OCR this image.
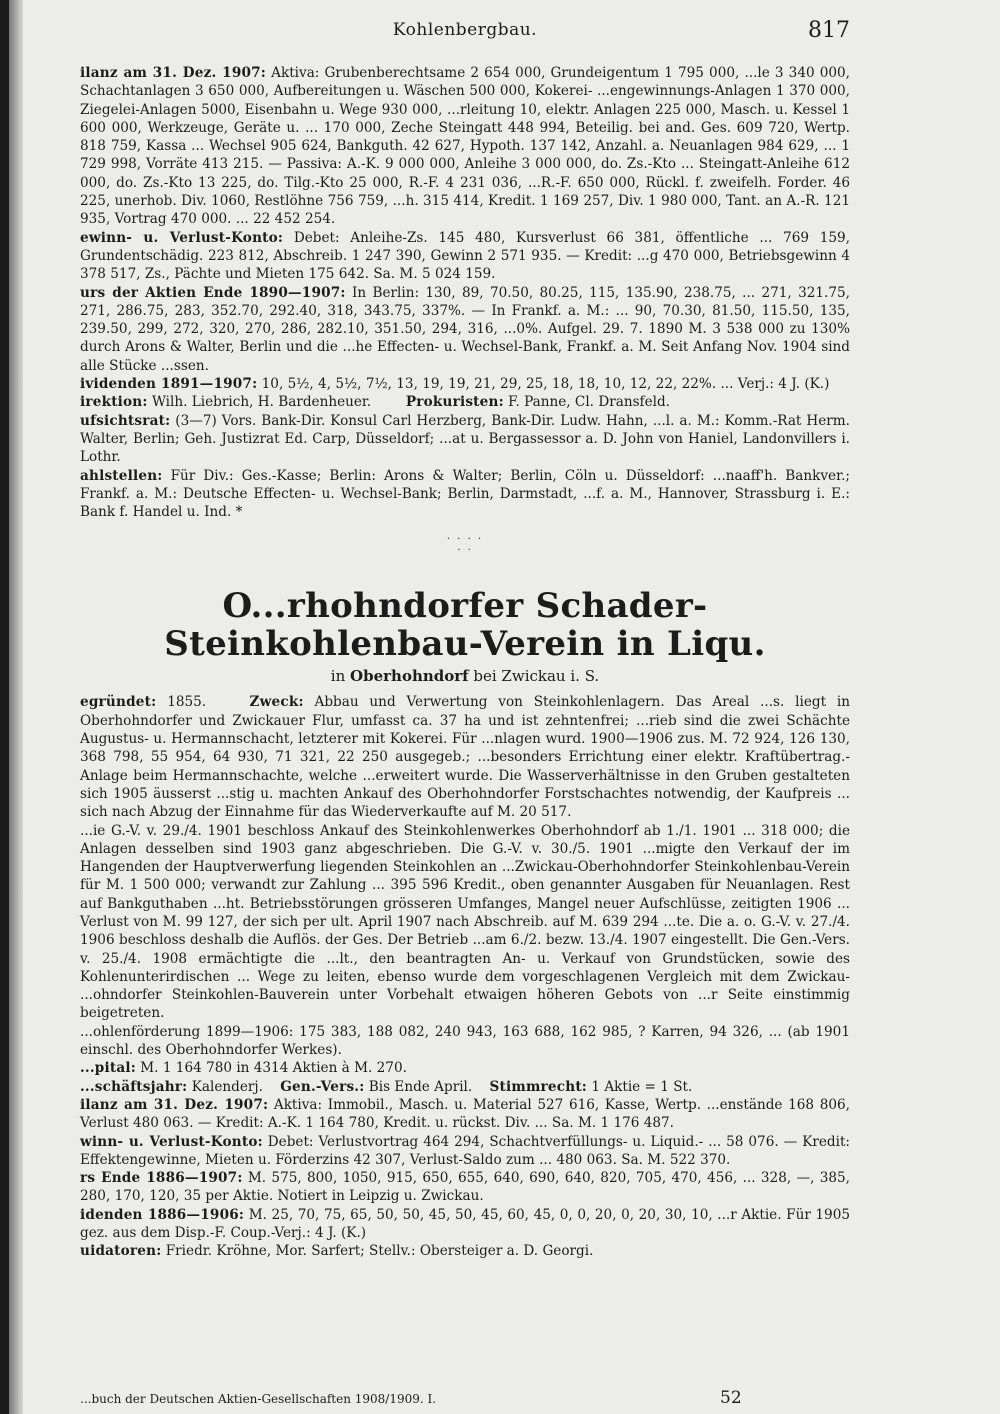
Kohlenbergbau.	817

ilanz am 31. Dez. 1907: Aktiva: Grubenberechtsame 2 654 000, Grundeigentum 1 795 000, ...le 3 340 000, Schachtanlagen 3 650 000, Aufbereitungen u. Wäschen 500 000, Kokerei- ...engewinnungs-Anlagen 1 370 000, Ziegelei-Anlagen 5000, Eisenbahn u. Wege 930 000, ...rleitung 10, elektr. Anlagen 225 000, Masch. u. Kessel 1 600 000, Werkzeuge, Geräte u. ... 170 000, Zeche Steingatt 448 994, Beteilig. bei and. Ges. 609 720, Wertp. 818 759, Kassa ... Wechsel 905 624, Bankguth. 42 627, Hypoth. 137 142, Anzahl. a. Neuanlagen 984 629, ... 1 729 998, Vorräte 413 215. — Passiva: A.-K. 9 000 000, Anleihe 3 000 000, do. Zs.-Kto ... Steingatt-Anleihe 612 000, do. Zs.-Kto 13 225, do. Tilg.-Kto 25 000, R.-F. 4 231 036, ...R.-F. 650 000, Rückl. f. zweifelh. Forder. 46 225, unerhob. Div. 1060, Restlöhne 756 759, ...h. 315 414, Kredit. 1 169 257, Div. 1 980 000, Tant. an A.-R. 121 935, Vortrag 470 000. ... 22 452 254.

ewinn- u. Verlust-Konto: Debet: Anleihe-Zs. 145 480, Kursverlust 66 381, öffentliche ... 769 159, Grundentschädig. 223 812, Abschreib. 1 247 390, Gewinn 2 571 935. — Kredit: ...g 470 000, Betriebsgewinn 4 378 517, Zs., Pächte und Mieten 175 642. Sa. M. 5 024 159.

urs der Aktien Ende 1890—1907: In Berlin: 130, 89, 70.50, 80.25, 115, 135.90, 238.75, ... 271, 321.75, 271, 286.75, 283, 352.70, 292.40, 318, 343.75, 337%. — In Frankf. a. M.: ... 90, 70.30, 81.50, 115.50, 135, 239.50, 299, 272, 320, 270, 286, 282.10, 351.50, 294, 316, ...0%. Aufgel. 29. 7. 1890 M. 3 538 000 zu 130% durch Arons & Walter, Berlin und die ...he Effecten- u. Wechsel-Bank, Frankf. a. M. Seit Anfang Nov. 1904 sind alle Stücke ...ssen.

ividenden 1891—1907: 10, 5½, 4, 5½, 7½, 13, 19, 19, 21, 29, 25, 18, 18, 10, 12, 22, 22%. ... Verj.: 4 J. (K.)

irektion: Wilh. Liebrich, H. Bardenheuer.	Prokuristen: F. Panne, Cl. Dransfeld.

ufsichtsrat: (3—7) Vors. Bank-Dir. Konsul Carl Herzberg, Bank-Dir. Ludw. Hahn, ...l. a. M.: Komm.-Rat Herm. Walter, Berlin; Geh. Justizrat Ed. Carp, Düsseldorf; ...at u. Bergassessor a. D. John von Haniel, Landonvillers i. Lothr.

ahlstellen: Für Div.: Ges.-Kasse; Berlin: Arons & Walter; Berlin, Cöln u. Düsseldorf: ...naaff'h. Bankver.; Frankf. a. M.: Deutsche Effecten- u. Wechsel-Bank; Berlin, Darmstadt, ...f. a. M., Hannover, Strassburg i. E.: Bank f. Handel u. Ind. *

. . . . . .
O...rhohndorfer Schader-Steinkohlenbau-Verein in Liqu.
in Oberhohndorf bei Zwickau i. S.

egründet: 1855.	Zweck: Abbau und Verwertung von Steinkohlenlagern. Das Areal ...s. liegt in Oberhohndorfer und Zwickauer Flur, umfasst ca. 37 ha und ist zehntenfrei; ...rieb sind die zwei Schächte Augustus- u. Hermannschacht, letzterer mit Kokerei. Für ...nlagen wurd. 1900—1906 zus. M. 72 924, 126 130, 368 798, 55 954, 64 930, 71 321, 22 250 ausgegeb.; ...besonders Errichtung einer elektr. Kraftübertrag.-Anlage beim Hermannschachte, welche ...erweitert wurde. Die Wasserverhältnisse in den Gruben gestalteten sich 1905 äusserst ...stig u. machten Ankauf des Oberhohndorfer Forstschachtes notwendig, der Kaufpreis ... sich nach Abzug der Einnahme für das Wiederverkaufte auf M. 20 517.

...ie G.-V. v. 29./4. 1901 beschloss Ankauf des Steinkohlenwerkes Oberhohndorf ab 1./1. 1901 ... 318 000; die Anlagen desselben sind 1903 ganz abgeschrieben. Die G.-V. v. 30./5. 1901 ...migte den Verkauf der im Hangenden der Hauptverwerfung liegenden Steinkohlen an ...Zwickau-Oberhohndorfer Steinkohlenbau-Verein für M. 1 500 000; verwandt zur Zahlung ... 395 596 Kredit., oben genannter Ausgaben für Neuanlagen. Rest auf Bankguthaben ...ht. Betriebsstörungen grösseren Umfanges, Mangel neuer Aufschlüsse, zeitigten 1906 ... Verlust von M. 99 127, der sich per ult. April 1907 nach Abschreib. auf M. 639 294 ...te. Die a. o. G.-V. v. 27./4. 1906 beschloss deshalb die Auflös. der Ges. Der Betrieb ...am 6./2. bezw. 13./4. 1907 eingestellt. Die Gen.-Vers. v. 25./4. 1908 ermächtigte die ...lt., den beantragten An- u. Verkauf von Grundstücken, sowie des Kohlenunterirdischen ... Wege zu leiten, ebenso wurde dem vorgeschlagenen Vergleich mit dem Zwickau- ...ohndorfer Steinkohlen-Bauverein unter Vorbehalt etwaigen höheren Gebots von ...r Seite einstimmig beigetreten.

...ohlenförderung 1899—1906: 175 383, 188 082, 240 943, 163 688, 162 985, ? Karren, 94 326, ... (ab 1901 einschl. des Oberhohndorfer Werkes).

...pital: M. 1 164 780 in 4314 Aktien à M. 270.

...schäftsjahr: Kalenderj. Gen.-Vers.: Bis Ende April. Stimmrecht: 1 Aktie = 1 St.

ilanz am 31. Dez. 1907: Aktiva: Immobil., Masch. u. Material 527 616, Kasse, Wertp. ...enstände 168 806, Verlust 480 063. — Kredit: A.-K. 1 164 780, Kredit. u. rückst. Div. ... Sa. M. 1 176 487.

winn- u. Verlust-Konto: Debet: Verlustvortrag 464 294, Schachtverfüllungs- u. Liquid.- ... 58 076. — Kredit: Effektengewinne, Mieten u. Förderzins 42 307, Verlust-Saldo zum ... 480 063. Sa. M. 522 370.

rs Ende 1886—1907: M. 575, 800, 1050, 915, 650, 655, 640, 690, 640, 820, 705, 470, 456, ... 328, —, 385, 280, 170, 120, 35 per Aktie. Notiert in Leipzig u. Zwickau.

idenden 1886—1906: M. 25, 70, 75, 65, 50, 50, 45, 50, 45, 60, 45, 0, 0, 20, 0, 20, 30, 10, ...r Aktie. Für 1905 gez. aus dem Disp.-F. Coup.-Verj.: 4 J. (K.)

uidatoren: Friedr. Kröhne, Mor. Sarfert; Stellv.: Obersteiger a. D. Georgi.

...buch der Deutschen Aktien-Gesellschaften 1908/1909. I.	52
